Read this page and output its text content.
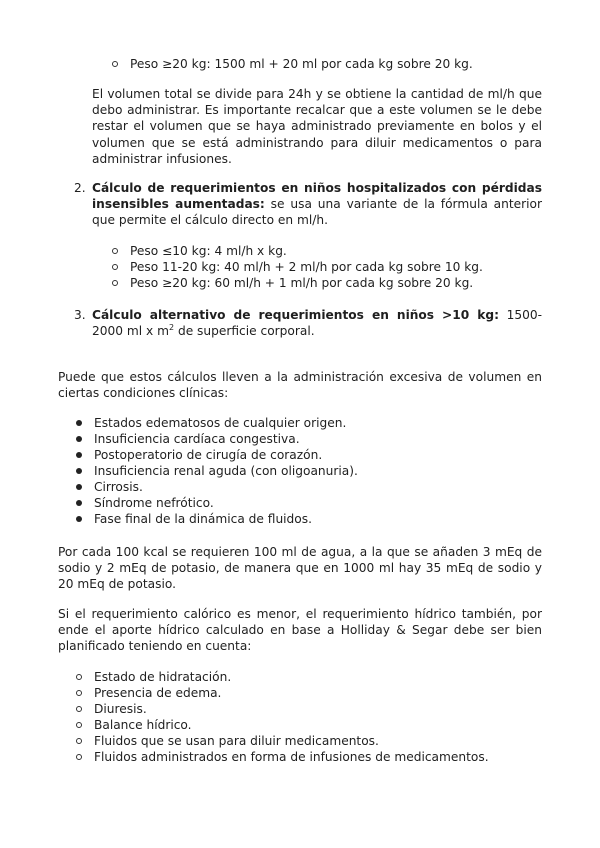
Peso ≥20 kg: 1500 ml + 20 ml por cada kg sobre 20 kg.
El volumen total se divide para 24h y se obtiene la cantidad de ml/h que debo administrar. Es importante recalcar que a este volumen se le debe restar el volumen que se haya administrado previamente en bolos y el volumen que se está administrando para diluir medicamentos o para administrar infusiones.
2. Cálculo de requerimientos en niños hospitalizados con pérdidas insensibles aumentadas: se usa una variante de la fórmula anterior que permite el cálculo directo en ml/h.
Peso ≤10 kg: 4 ml/h x kg.
Peso 11-20 kg: 40 ml/h + 2 ml/h por cada kg sobre 10 kg.
Peso ≥20 kg: 60 ml/h + 1 ml/h por cada kg sobre 20 kg.
3. Cálculo alternativo de requerimientos en niños >10 kg: 1500-2000 ml x $m^2$ de superficie corporal.
Puede que estos cálculos lleven a la administración excesiva de volumen en ciertas condiciones clínicas:
Estados edematosos de cualquier origen.
Insuficiencia cardíaca congestiva.
Postoperatorio de cirugía de corazón.
Insuficiencia renal aguda (con oligoanuria).
Cirrosis.
Síndrome nefrótico.
Fase final de la dinámica de fluidos.
Por cada 100 kcal se requieren 100 ml de agua, a la que se añaden 3 mEq de sodio y 2 mEq de potasio, de manera que en 1000 ml hay 35 mEq de sodio y 20 mEq de potasio.
Si el requerimiento calórico es menor, el requerimiento hídrico también, por ende el aporte hídrico calculado en base a Holliday & Segar debe ser bien planificado teniendo en cuenta:
Estado de hidratación.
Presencia de edema.
Diuresis.
Balance hídrico.
Fluidos que se usan para diluir medicamentos.
Fluidos administrados en forma de infusiones de medicamentos.
